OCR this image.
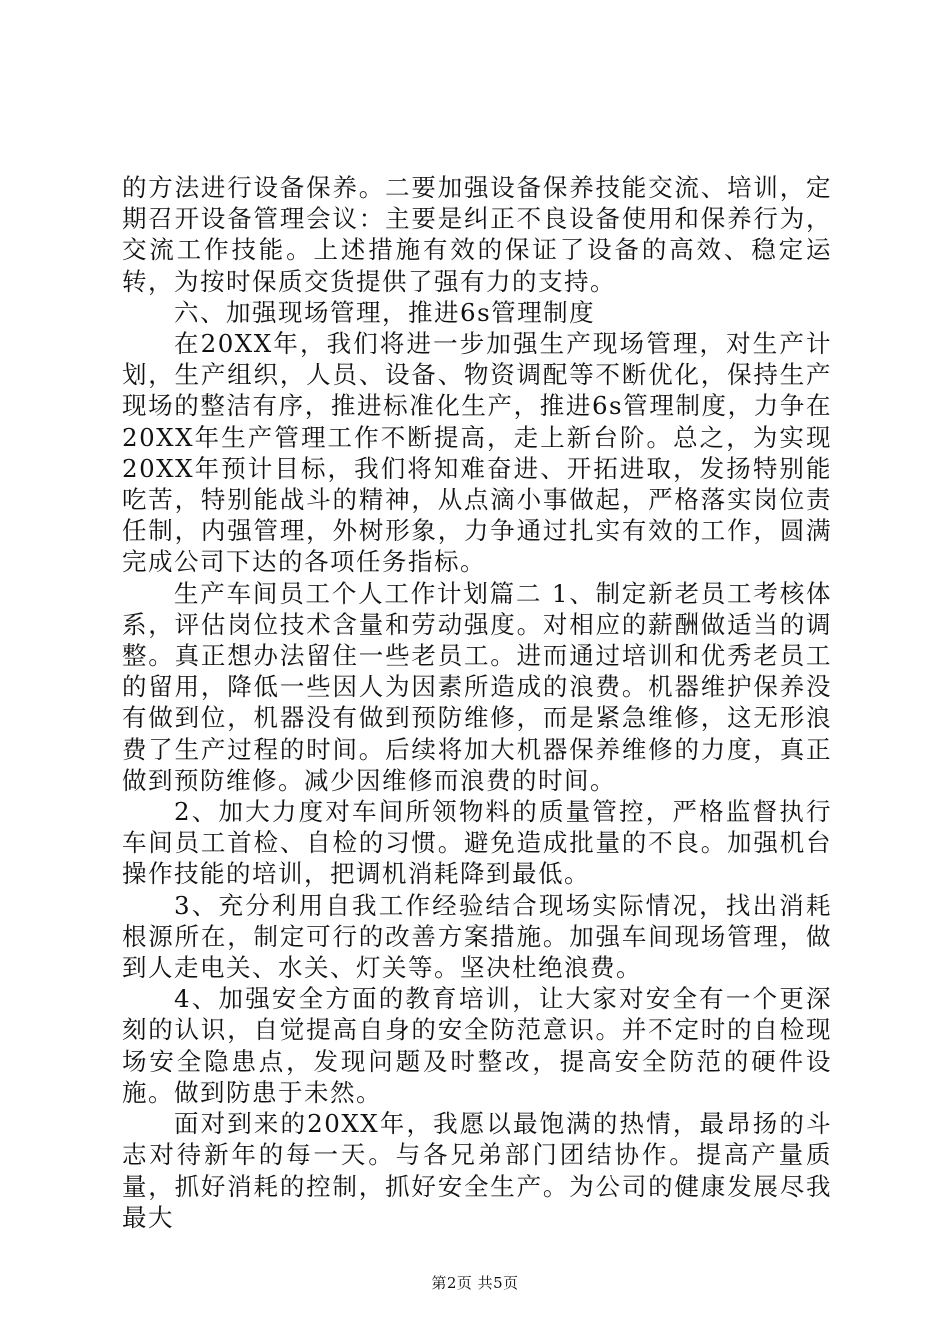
的方法进行设备保养。二要加强设备保养技能交流、培训，定期召开设备管理会议：主要是纠正不良设备使用和保养行为，交流工作技能。上述措施有效的保证了设备的高效、稳定运转，为按时保质交货提供了强有力的支持。

六、加强现场管理，推进6s管理制度

在20XX年，我们将进一步加强生产现场管理，对生产计划，生产组织，人员、设备、物资调配等不断优化，保持生产现场的整洁有序，推进标准化生产，推进6s管理制度，力争在20XX年生产管理工作不断提高，走上新台阶。总之，为实现20XX年预计目标，我们将知难奋进、开拓进取，发扬特别能吃苦，特别能战斗的精神，从点滴小事做起，严格落实岗位责任制，内强管理，外树形象，力争通过扎实有效的工作，圆满完成公司下达的各项任务指标。

生产车间员工个人工作计划篇二 1、制定新老员工考核体系，评估岗位技术含量和劳动强度。对相应的薪酬做适当的调整。真正想办法留住一些老员工。进而通过培训和优秀老员工的留用，降低一些因人为因素所造成的浪费。机器维护保养没有做到位，机器没有做到预防维修，而是紧急维修，这无形浪费了生产过程的时间。后续将加大机器保养维修的力度，真正做到预防维修。减少因维修而浪费的时间。

2、加大力度对车间所领物料的质量管控，严格监督执行车间员工首检、自检的习惯。避免造成批量的不良。加强机台操作技能的培训，把调机消耗降到最低。

3、充分利用自我工作经验结合现场实际情况，找出消耗根源所在，制定可行的改善方案措施。加强车间现场管理，做到人走电关、水关、灯关等。坚决杜绝浪费。

4、加强安全方面的教育培训，让大家对安全有一个更深刻的认识，自觉提高自身的安全防范意识。并不定时的自检现场安全隐患点，发现问题及时整改，提高安全防范的硬件设施。做到防患于未然。

面对到来的20XX年，我愿以最饱满的热情，最昂扬的斗志对待新年的每一天。与各兄弟部门团结协作。提高产量质量，抓好消耗的控制，抓好安全生产。为公司的健康发展尽我最大

第2页 共5页
